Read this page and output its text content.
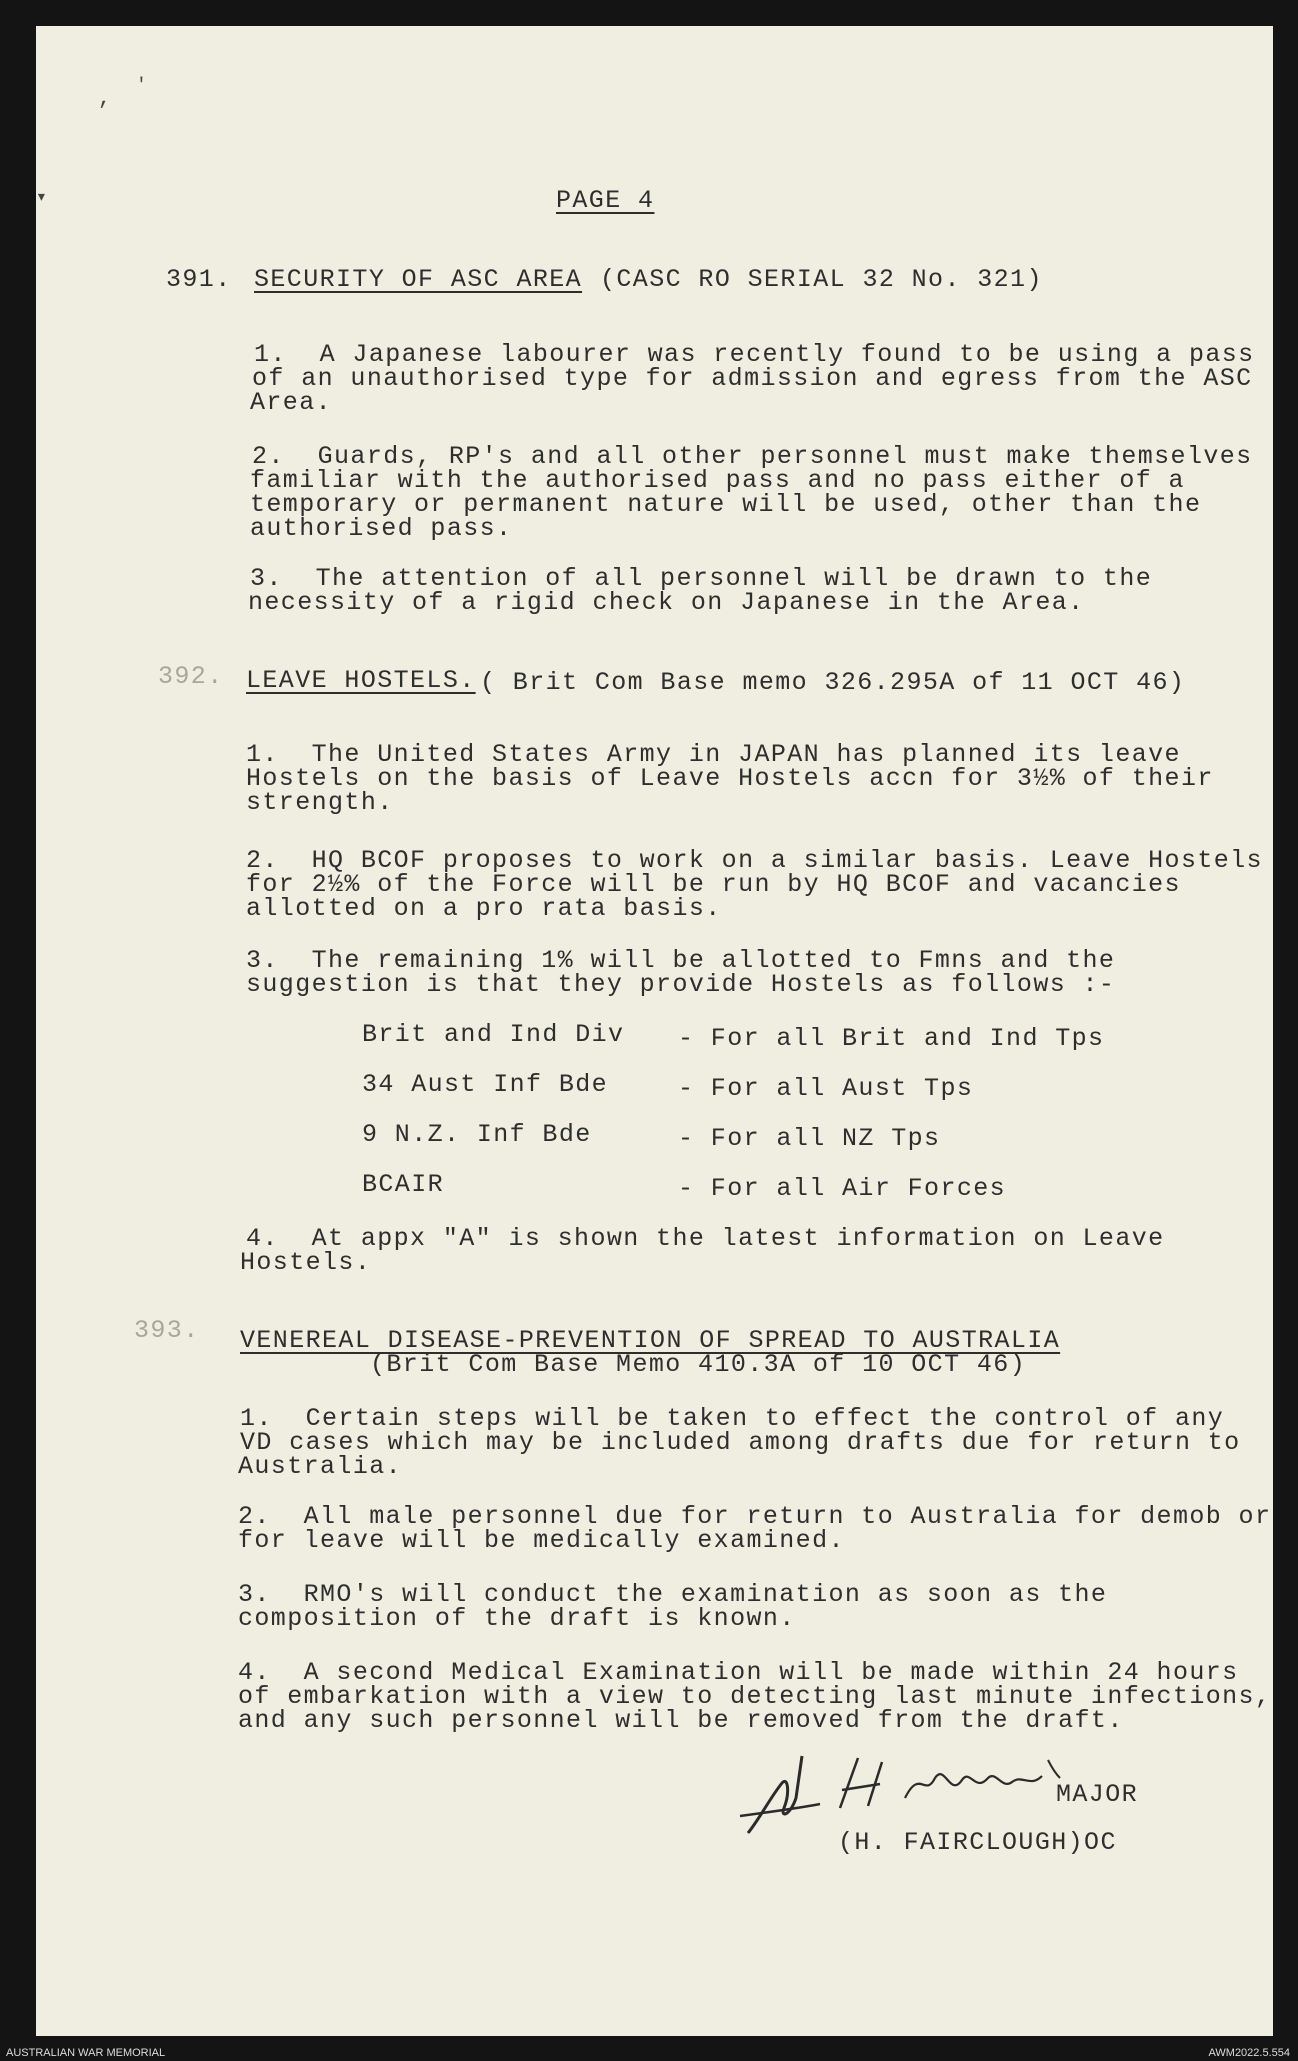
, '
▾	PAGE 4
391. SECURITY OF ASC AREA (CASC RO SERIAL 32 No. 321)
1.  A Japanese labourer was recently found to be using a pass
of an unauthorised type for admission and egress from the ASC
Area.
2.  Guards, RP's and all other personnel must make themselves
familiar with the authorised pass and no pass either of a
temporary or permanent nature will be used, other than the
authorised pass.
3.  The attention of all personnel will be drawn to the
necessity of a rigid check on Japanese in the Area.
392. LEAVE HOSTELS. ( Brit Com Base memo 326.295A of 11 OCT 46)
1.  The United States Army in JAPAN has planned its leave
Hostels on the basis of Leave Hostels accn for 3½% of their
strength.
2.  HQ BCOF proposes to work on a similar basis. Leave Hostels
for 2½% of the Force will be run by HQ BCOF and vacancies
allotted on a pro rata basis.
3.  The remaining 1% will be allotted to Fmns and the
suggestion is that they provide Hostels as follows :-
Brit and Ind Div - For all Brit and Ind Tps
34 Aust Inf Bde	- For all Aust Tps
9 N.Z. Inf Bde	- For all NZ Tps
BCAIR	- For all Air Forces
4.  At appx "A" is shown the latest information on Leave
Hostels.
393. VENEREAL DISEASE-PREVENTION OF SPREAD TO AUSTRALIA
(Brit Com Base Memo 410.3A of 10 OCT 46)
1.  Certain steps will be taken to effect the control of any
VD cases which may be included among drafts due for return to
Australia.
2.  All male personnel due for return to Australia for demob or
for leave will be medically examined.
3.  RMO's will conduct the examination as soon as the
composition of the draft is known.
4.  A second Medical Examination will be made within 24 hours
of embarkation with a view to detecting last minute infections,
and any such personnel will be removed from the draft.
MAJOR
(H. FAIRCLOUGH)OC
AUSTRALIAN WAR MEMORIAL	AWM2022.5.554
